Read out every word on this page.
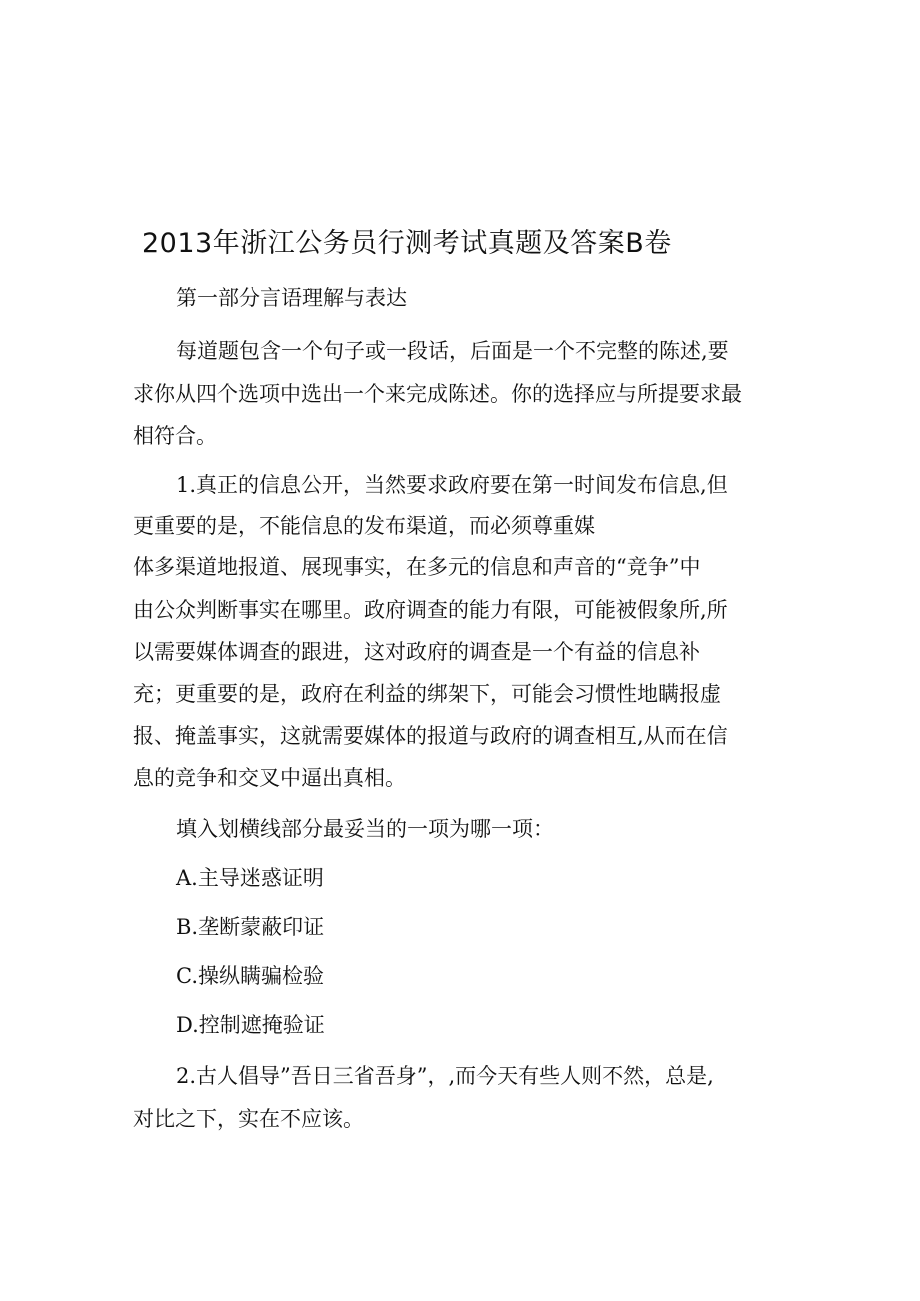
2013年浙江公务员行测考试真题及答案B卷
第一部分言语理解与表达
每道题包含一个句子或一段话，后面是一个不完整的陈述,要
求你从四个选项中选出一个来完成陈述。你的选择应与所提要求最
相符合。
1.真正的信息公开，当然要求政府要在第一时间发布信息,但
更重要的是，不能信息的发布渠道，而必须尊重媒
体多渠道地报道、展现事实，在多元的信息和声音的“竞争”中
由公众判断事实在哪里。政府调查的能力有限，可能被假象所,所
以需要媒体调查的跟进，这对政府的调查是一个有益的信息补
充；更重要的是，政府在利益的绑架下，可能会习惯性地瞒报虚
报、掩盖事实，这就需要媒体的报道与政府的调查相互,从而在信
息的竞争和交叉中逼出真相。
填入划横线部分最妥当的一项为哪一项：
A.主导迷惑证明
B.垄断蒙蔽印证
C.操纵瞒骗检验
D.控制遮掩验证
2.古人倡导”吾日三省吾身”，,而今天有些人则不然，总是,
对比之下，实在不应该。
